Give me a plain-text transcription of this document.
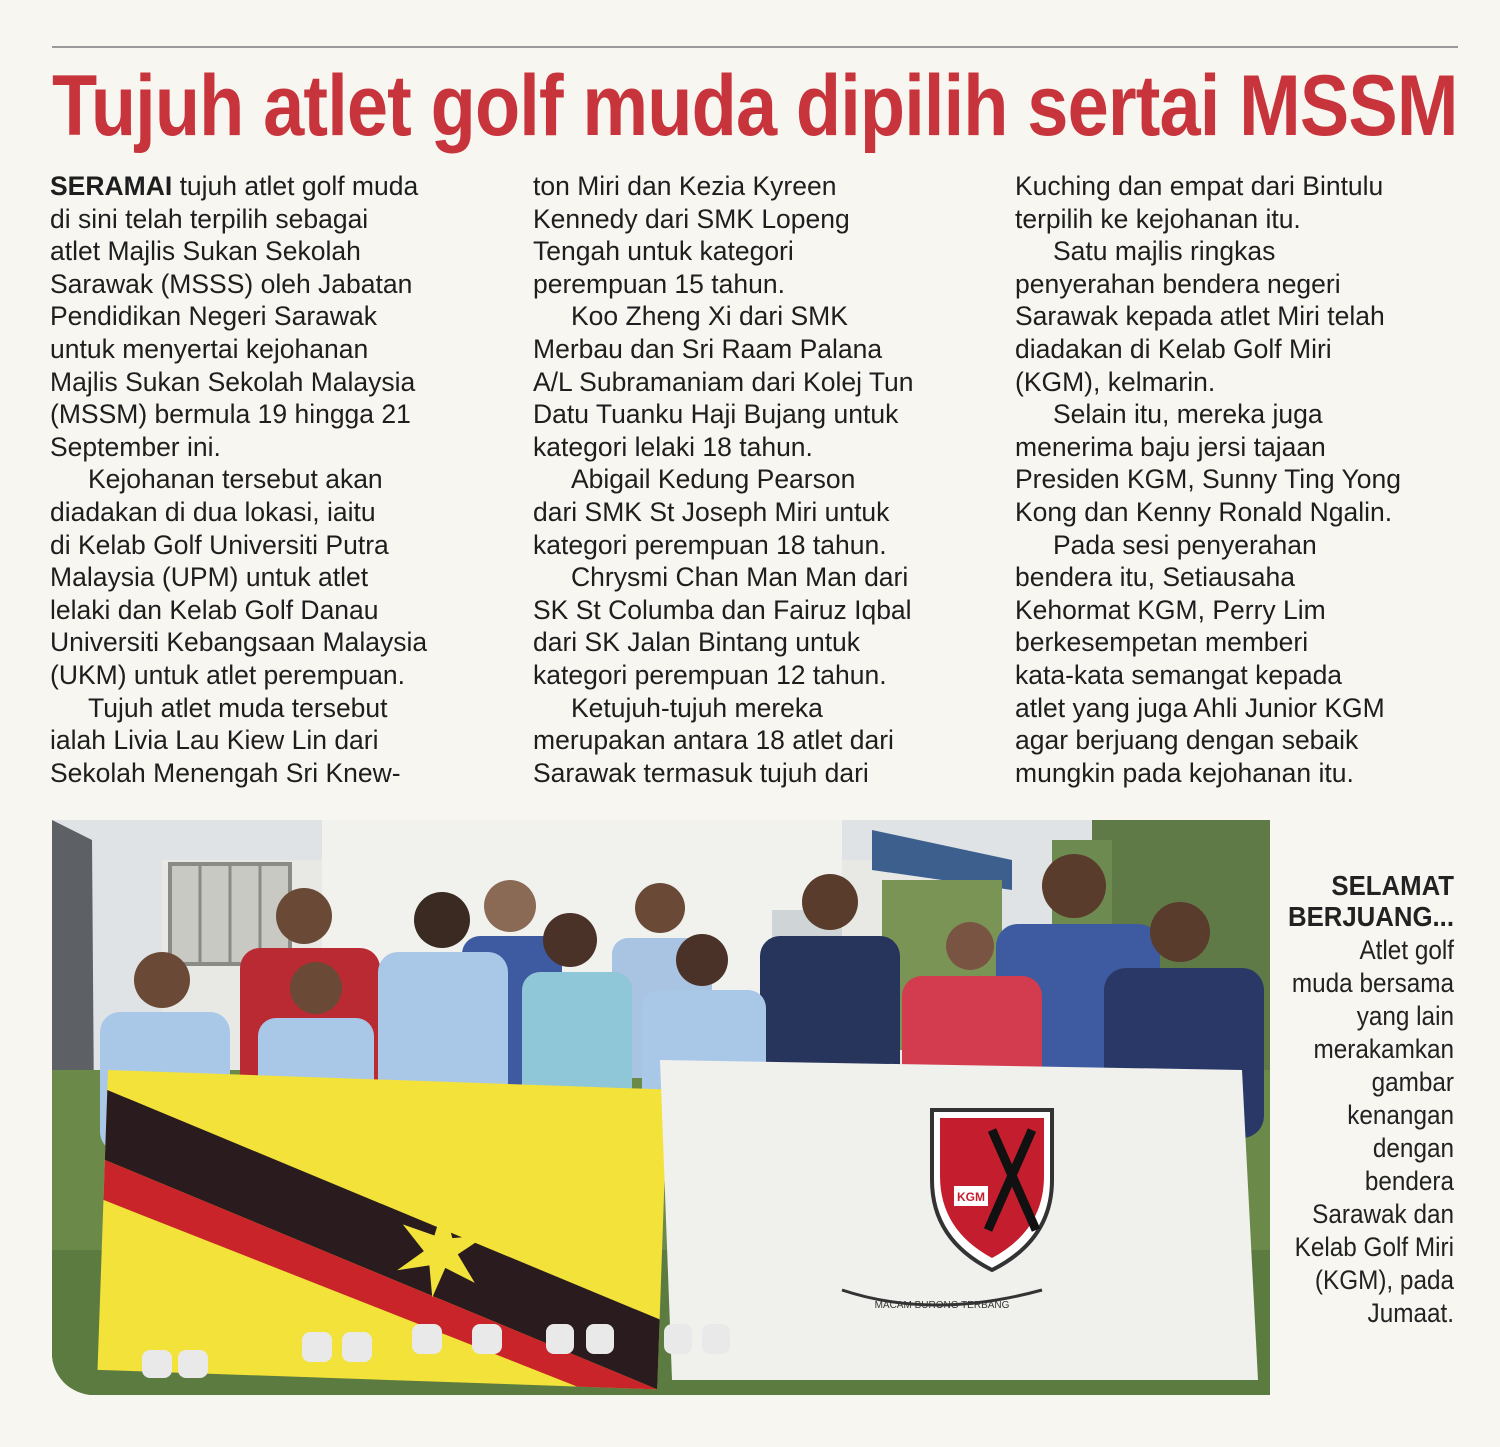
Tujuh atlet golf muda dipilih sertai MSSM

SERAMAI tujuh atlet golf muda

di sini telah terpilih sebagai

atlet Majlis Sukan Sekolah

Sarawak (MSSS) oleh Jabatan

Pendidikan Negeri Sarawak

untuk menyertai kejohanan

Majlis Sukan Sekolah Malaysia

(MSSM) bermula 19 hingga 21

September ini.

Kejohanan tersebut akan

diadakan di dua lokasi, iaitu

di Kelab Golf Universiti Putra

Malaysia (UPM) untuk atlet

lelaki dan Kelab Golf Danau

Universiti Kebangsaan Malaysia

(UKM) untuk atlet perempuan.

Tujuh atlet muda tersebut

ialah Livia Lau Kiew Lin dari

Sekolah Menengah Sri Knew-

ton Miri dan Kezia Kyreen

Kennedy dari SMK Lopeng

Tengah untuk kategori

perempuan 15 tahun.

Koo Zheng Xi dari SMK

Merbau dan Sri Raam Palana

A/L Subramaniam dari Kolej Tun

Datu Tuanku Haji Bujang untuk

kategori lelaki 18 tahun.

Abigail Kedung Pearson

dari SMK St Joseph Miri untuk

kategori perempuan 18 tahun.

Chrysmi Chan Man Man dari

SK St Columba dan Fairuz Iqbal

dari SK Jalan Bintang untuk

kategori perempuan 12 tahun.

Ketujuh-tujuh mereka

merupakan antara 18 atlet dari

Sarawak termasuk tujuh dari

Kuching dan empat dari Bintulu

terpilih ke kejohanan itu.

Satu majlis ringkas

penyerahan bendera negeri

Sarawak kepada atlet Miri telah

diadakan di Kelab Golf Miri

(KGM), kelmarin.

Selain itu, mereka juga

menerima baju jersi tajaan

Presiden KGM, Sunny Ting Yong

Kong dan Kenny Ronald Ngalin.

Pada sesi penyerahan

bendera itu, Setiausaha

Kehormat KGM, Perry Lim

berkesempetan memberi

kata-kata semangat kepada

atlet yang juga Ahli Junior KGM

agar berjuang dengan sebaik

mungkin pada kejohanan itu.

KGM
MACAM BURONG TERBANG
SELAMAT BERJUANG...
Atlet golf
muda bersama
yang lain
merakamkan
gambar
kenangan
dengan
bendera
Sarawak dan
Kelab Golf Miri
(KGM), pada
Jumaat.
